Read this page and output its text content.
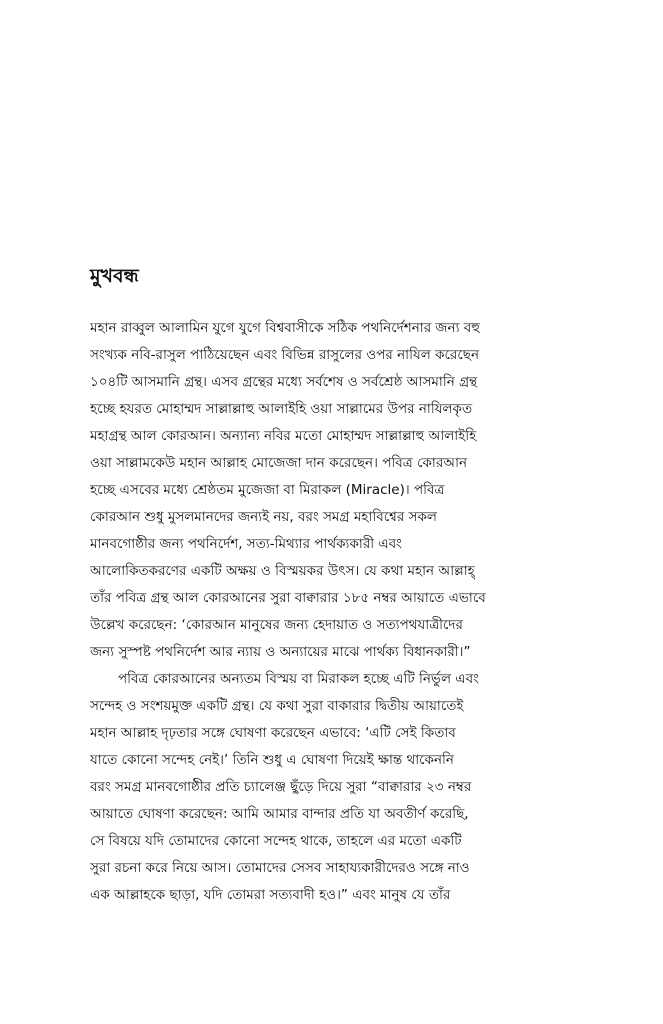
মুখবন্ধ
মহান রাব্বুল আলামিন যুগে যুগে বিশ্ববাসীকে সঠিক পথনির্দেশনার জন্য বহু
সংখ্যক নবি-রাসুল পাঠিয়েছেন এবং বিভিন্ন রাসুলের ওপর নাযিল করেছেন
১০৪টি আসমানি গ্রন্থ। এসব গ্রন্থের মধ্যে সর্বশেষ ও সর্বশ্রেষ্ঠ আসমানি গ্রন্থ
হচ্ছে হযরত মোহাম্মদ সাল্লাল্লাহু আলাইহি ওয়া সাল্লামের উপর নাযিলকৃত
মহাগ্রন্থ আল কোরআন। অন্যান্য নবির মতো মোহাম্মদ সাল্লাল্লাহু আলাইহি
ওয়া সাল্লামকেউ মহান আল্লাহ মোজেজা দান করেছেন। পবিত্র কোরআন
হচ্ছে এসবের মধ্যে শ্রেষ্ঠতম মুজেজা বা মিরাকল (Miracle)। পবিত্র
কোরআন শুধু মুসলমানদের জন্যই নয়, বরং সমগ্র মহাবিশ্বের সকল
মানবগোষ্ঠীর জন্য পথনির্দেশ, সত্য-মিথ্যার পার্থক্যকারী এবং
আলোকিতকরণের একটি অক্ষয় ও বিস্ময়কর উৎস। যে কথা মহান আল্লাহ্
তাঁর পবিত্র গ্রন্থ আল কোরআনের সুরা বাক্বারার ১৮৫ নম্বর আয়াতে এভাবে
উল্লেখ করেছেন: ‘কোরআন মানুষের জন্য হেদায়াত ও সত্যপথযাত্রীদের
জন্য সুস্পষ্ট পথনির্দেশ আর ন্যায় ও অন্যায়ের মাঝে পার্থক্য বিধানকারী।”
পবিত্র কোরআনের অন্যতম বিস্ময় বা মিরাকল হচ্ছে এটি নির্ভুল এবং
সন্দেহ ও সংশয়মুক্ত একটি গ্রন্থ। যে কথা সুরা বাকারার দ্বিতীয় আয়াতেই
মহান আল্লাহ দৃঢ়তার সঙ্গে ঘোষণা করেছেন এভাবে: ‘এটি সেই কিতাব
যাতে কোনো সন্দেহ নেই।’ তিনি শুধু এ ঘোষণা দিয়েই ক্ষান্ত থাকেননি
বরং সমগ্র মানবগোষ্ঠীর প্রতি চ্যালেঞ্জ ছুঁড়ে দিয়ে সুরা “বাক্বারার ২৩ নম্বর
আয়াতে ঘোষণা করেছেন: আমি আমার বান্দার প্রতি যা অবতীর্ণ করেছি,
সে বিষয়ে যদি তোমাদের কোনো সন্দেহ থাকে, তাহলে এর মতো একটি
সুরা রচনা করে নিয়ে আস। তোমাদের সেসব সাহায্যকারীদেরও সঙ্গে নাও
এক আল্লাহকে ছাড়া, যদি তোমরা সত্যবাদী হও।” এবং মানুষ যে তাঁর
